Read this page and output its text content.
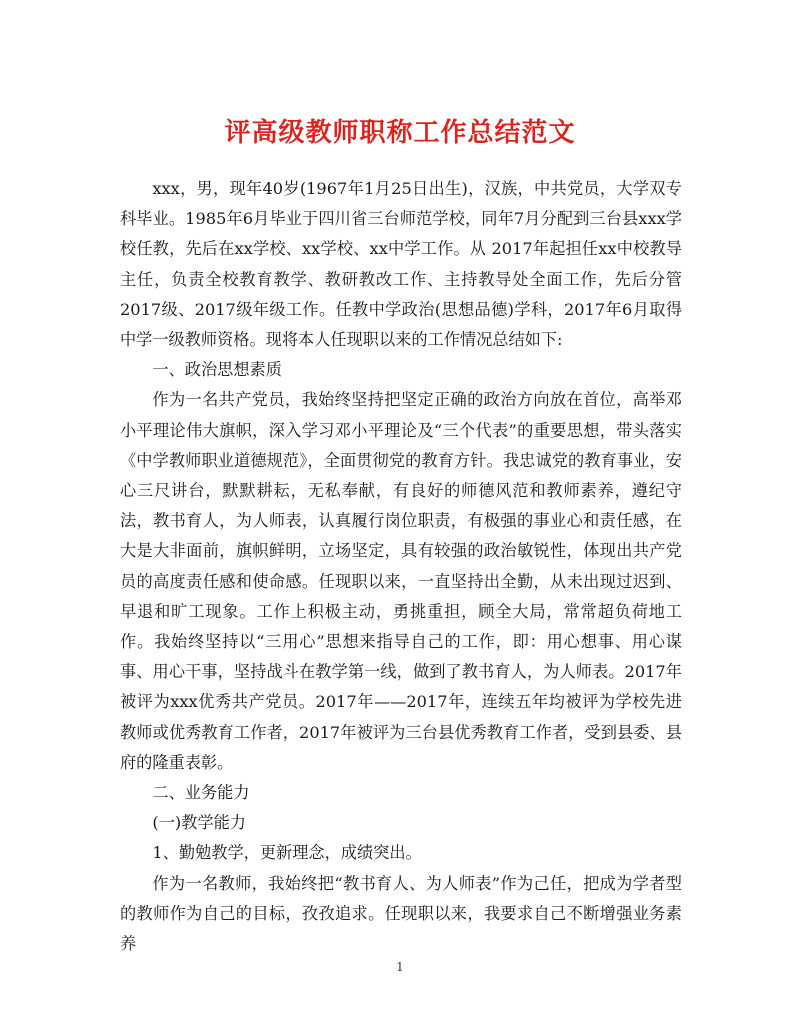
评高级教师职称工作总结范文

xxx，男，现年40岁(1967年1月25日出生)，汉族，中共党员，大学双专科毕业。1985年6月毕业于四川省三台师范学校，同年7月分配到三台县xxx学校任教，先后在xx学校、xx学校、xx中学工作。从 2017年起担任xx中校教导主任，负责全校教育教学、教研教改工作、主持教导处全面工作，先后分管2017级、2017级年级工作。任教中学政治(思想品德)学科，2017年6月取得中学一级教师资格。现将本人任现职以来的工作情况总结如下:

一、政治思想素质

作为一名共产党员，我始终坚持把坚定正确的政治方向放在首位，高举邓小平理论伟大旗帜，深入学习邓小平理论及“三个代表”的重要思想，带头落实《中学教师职业道德规范》，全面贯彻党的教育方针。我忠诚党的教育事业，安心三尺讲台，默默耕耘，无私奉献，有良好的师德风范和教师素养，遵纪守法，教书育人，为人师表，认真履行岗位职责，有极强的事业心和责任感，在大是大非面前，旗帜鲜明，立场坚定，具有较强的政治敏锐性，体现出共产党员的高度责任感和使命感。任现职以来，一直坚持出全勤，从未出现过迟到、早退和旷工现象。工作上积极主动，勇挑重担，顾全大局，常常超负荷地工作。我始终坚持以“三用心”思想来指导自己的工作，即：用心想事、用心谋事、用心干事，坚持战斗在教学第一线，做到了教书育人，为人师表。2017年被评为xxx优秀共产党员。2017年——2017年，连续五年均被评为学校先进教师或优秀教育工作者，2017年被评为三台县优秀教育工作者，受到县委、县府的隆重表彰。

二、业务能力

(一)教学能力

1、勤勉教学，更新理念，成绩突出。

作为一名教师，我始终把“教书育人、为人师表”作为己任，把成为学者型的教师作为自己的目标，孜孜追求。任现职以来，我要求自己不断增强业务素养

1
